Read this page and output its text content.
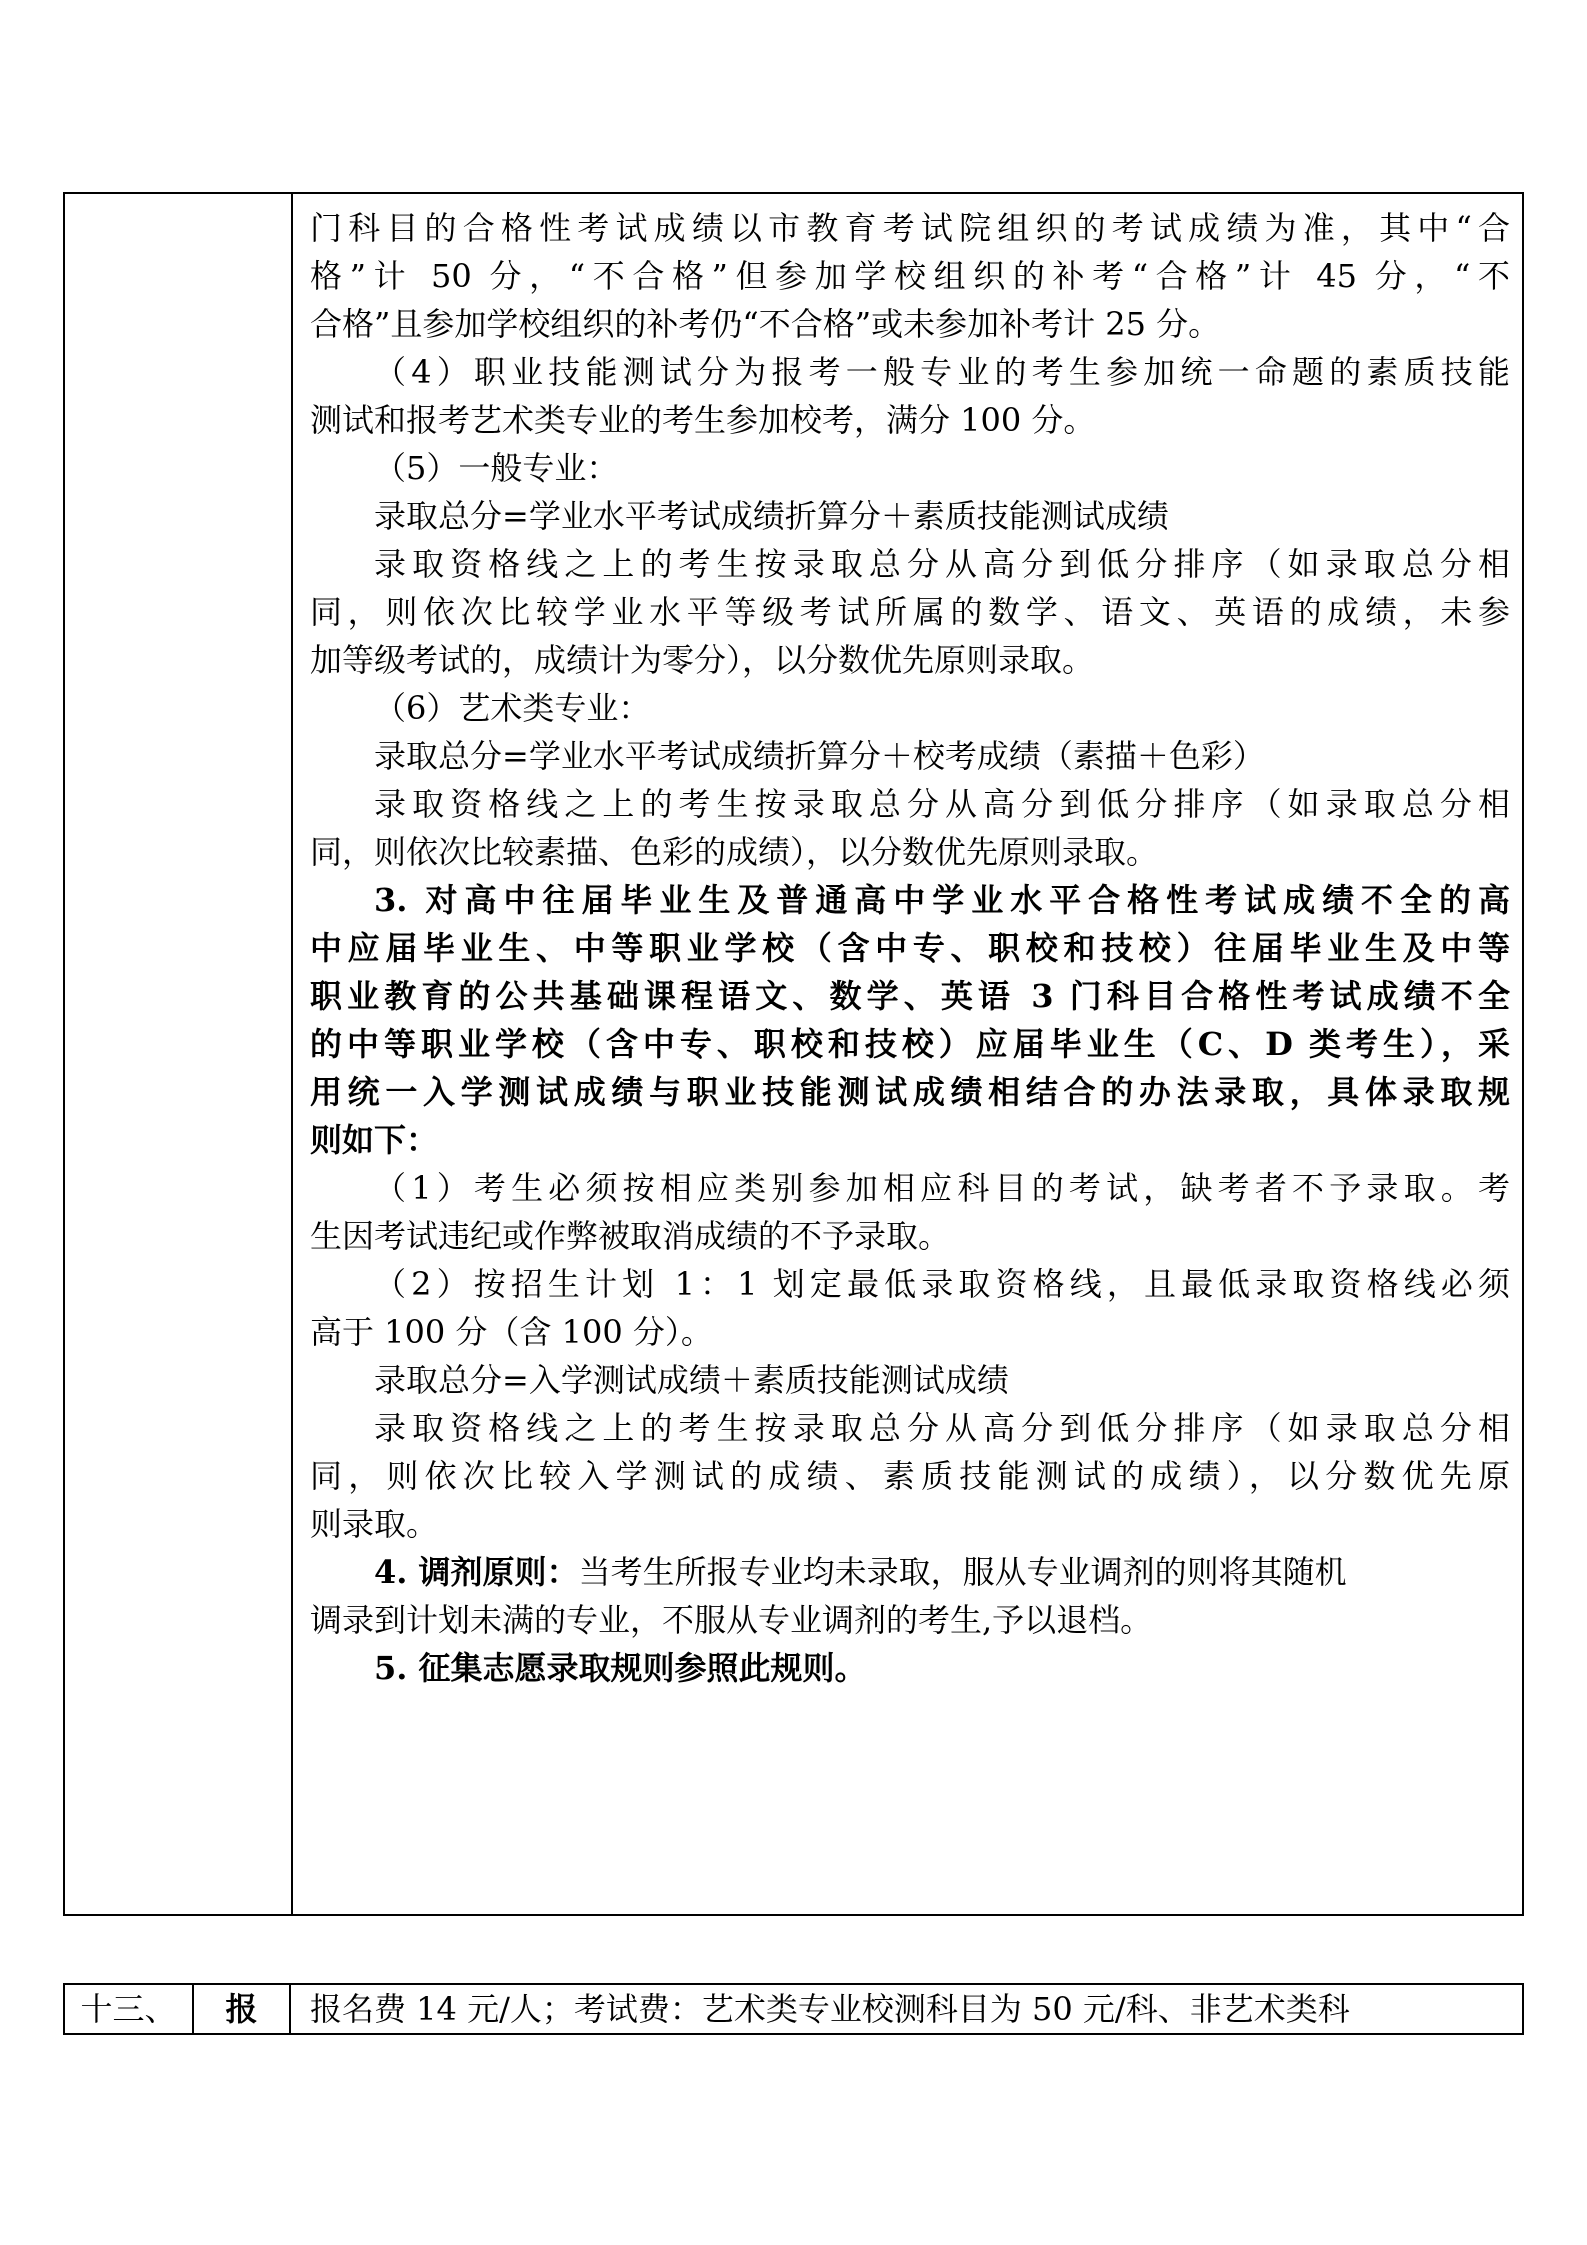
门科目的合格性考试成绩以市教育考试院组织的考试成绩为准，其中“合
格”计 50 分，“不合格”但参加学校组织的补考“合格”计 45 分，“不
合格”且参加学校组织的补考仍“不合格”或未参加补考计 25 分。
（4）职业技能测试分为报考一般专业的考生参加统一命题的素质技能
测试和报考艺术类专业的考生参加校考，满分 100 分。
（5）一般专业：
录取总分=学业水平考试成绩折算分＋素质技能测试成绩
录取资格线之上的考生按录取总分从高分到低分排序（如录取总分相
同，则依次比较学业水平等级考试所属的数学、语文、英语的成绩，未参
加等级考试的，成绩计为零分），以分数优先原则录取。
（6）艺术类专业：
录取总分=学业水平考试成绩折算分＋校考成绩（素描＋色彩）
录取资格线之上的考生按录取总分从高分到低分排序（如录取总分相
同，则依次比较素描、色彩的成绩），以分数优先原则录取。
3. 对高中往届毕业生及普通高中学业水平合格性考试成绩不全的高
中应届毕业生、中等职业学校（含中专、职校和技校）往届毕业生及中等
职业教育的公共基础课程语文、数学、英语 3 门科目合格性考试成绩不全
的中等职业学校（含中专、职校和技校）应届毕业生（C、D 类考生），采
用统一入学测试成绩与职业技能测试成绩相结合的办法录取，具体录取规
则如下：
（1）考生必须按相应类别参加相应科目的考试，缺考者不予录取。考
生因考试违纪或作弊被取消成绩的不予录取。
（2）按招生计划 1：1 划定最低录取资格线，且最低录取资格线必须
高于 100 分（含 100 分）。
录取总分=入学测试成绩＋素质技能测试成绩
录取资格线之上的考生按录取总分从高分到低分排序（如录取总分相
同，则依次比较入学测试的成绩、素质技能测试的成绩），以分数优先原
则录取。
4. 调剂原则：当考生所报专业均未录取，服从专业调剂的则将其随机
调录到计划未满的专业，不服从专业调剂的考生,予以退档。
5. 征集志愿录取规则参照此规则。
十三、	报	报名费 14 元/人；考试费：艺术类专业校测科目为 50 元/科、非艺术类科
